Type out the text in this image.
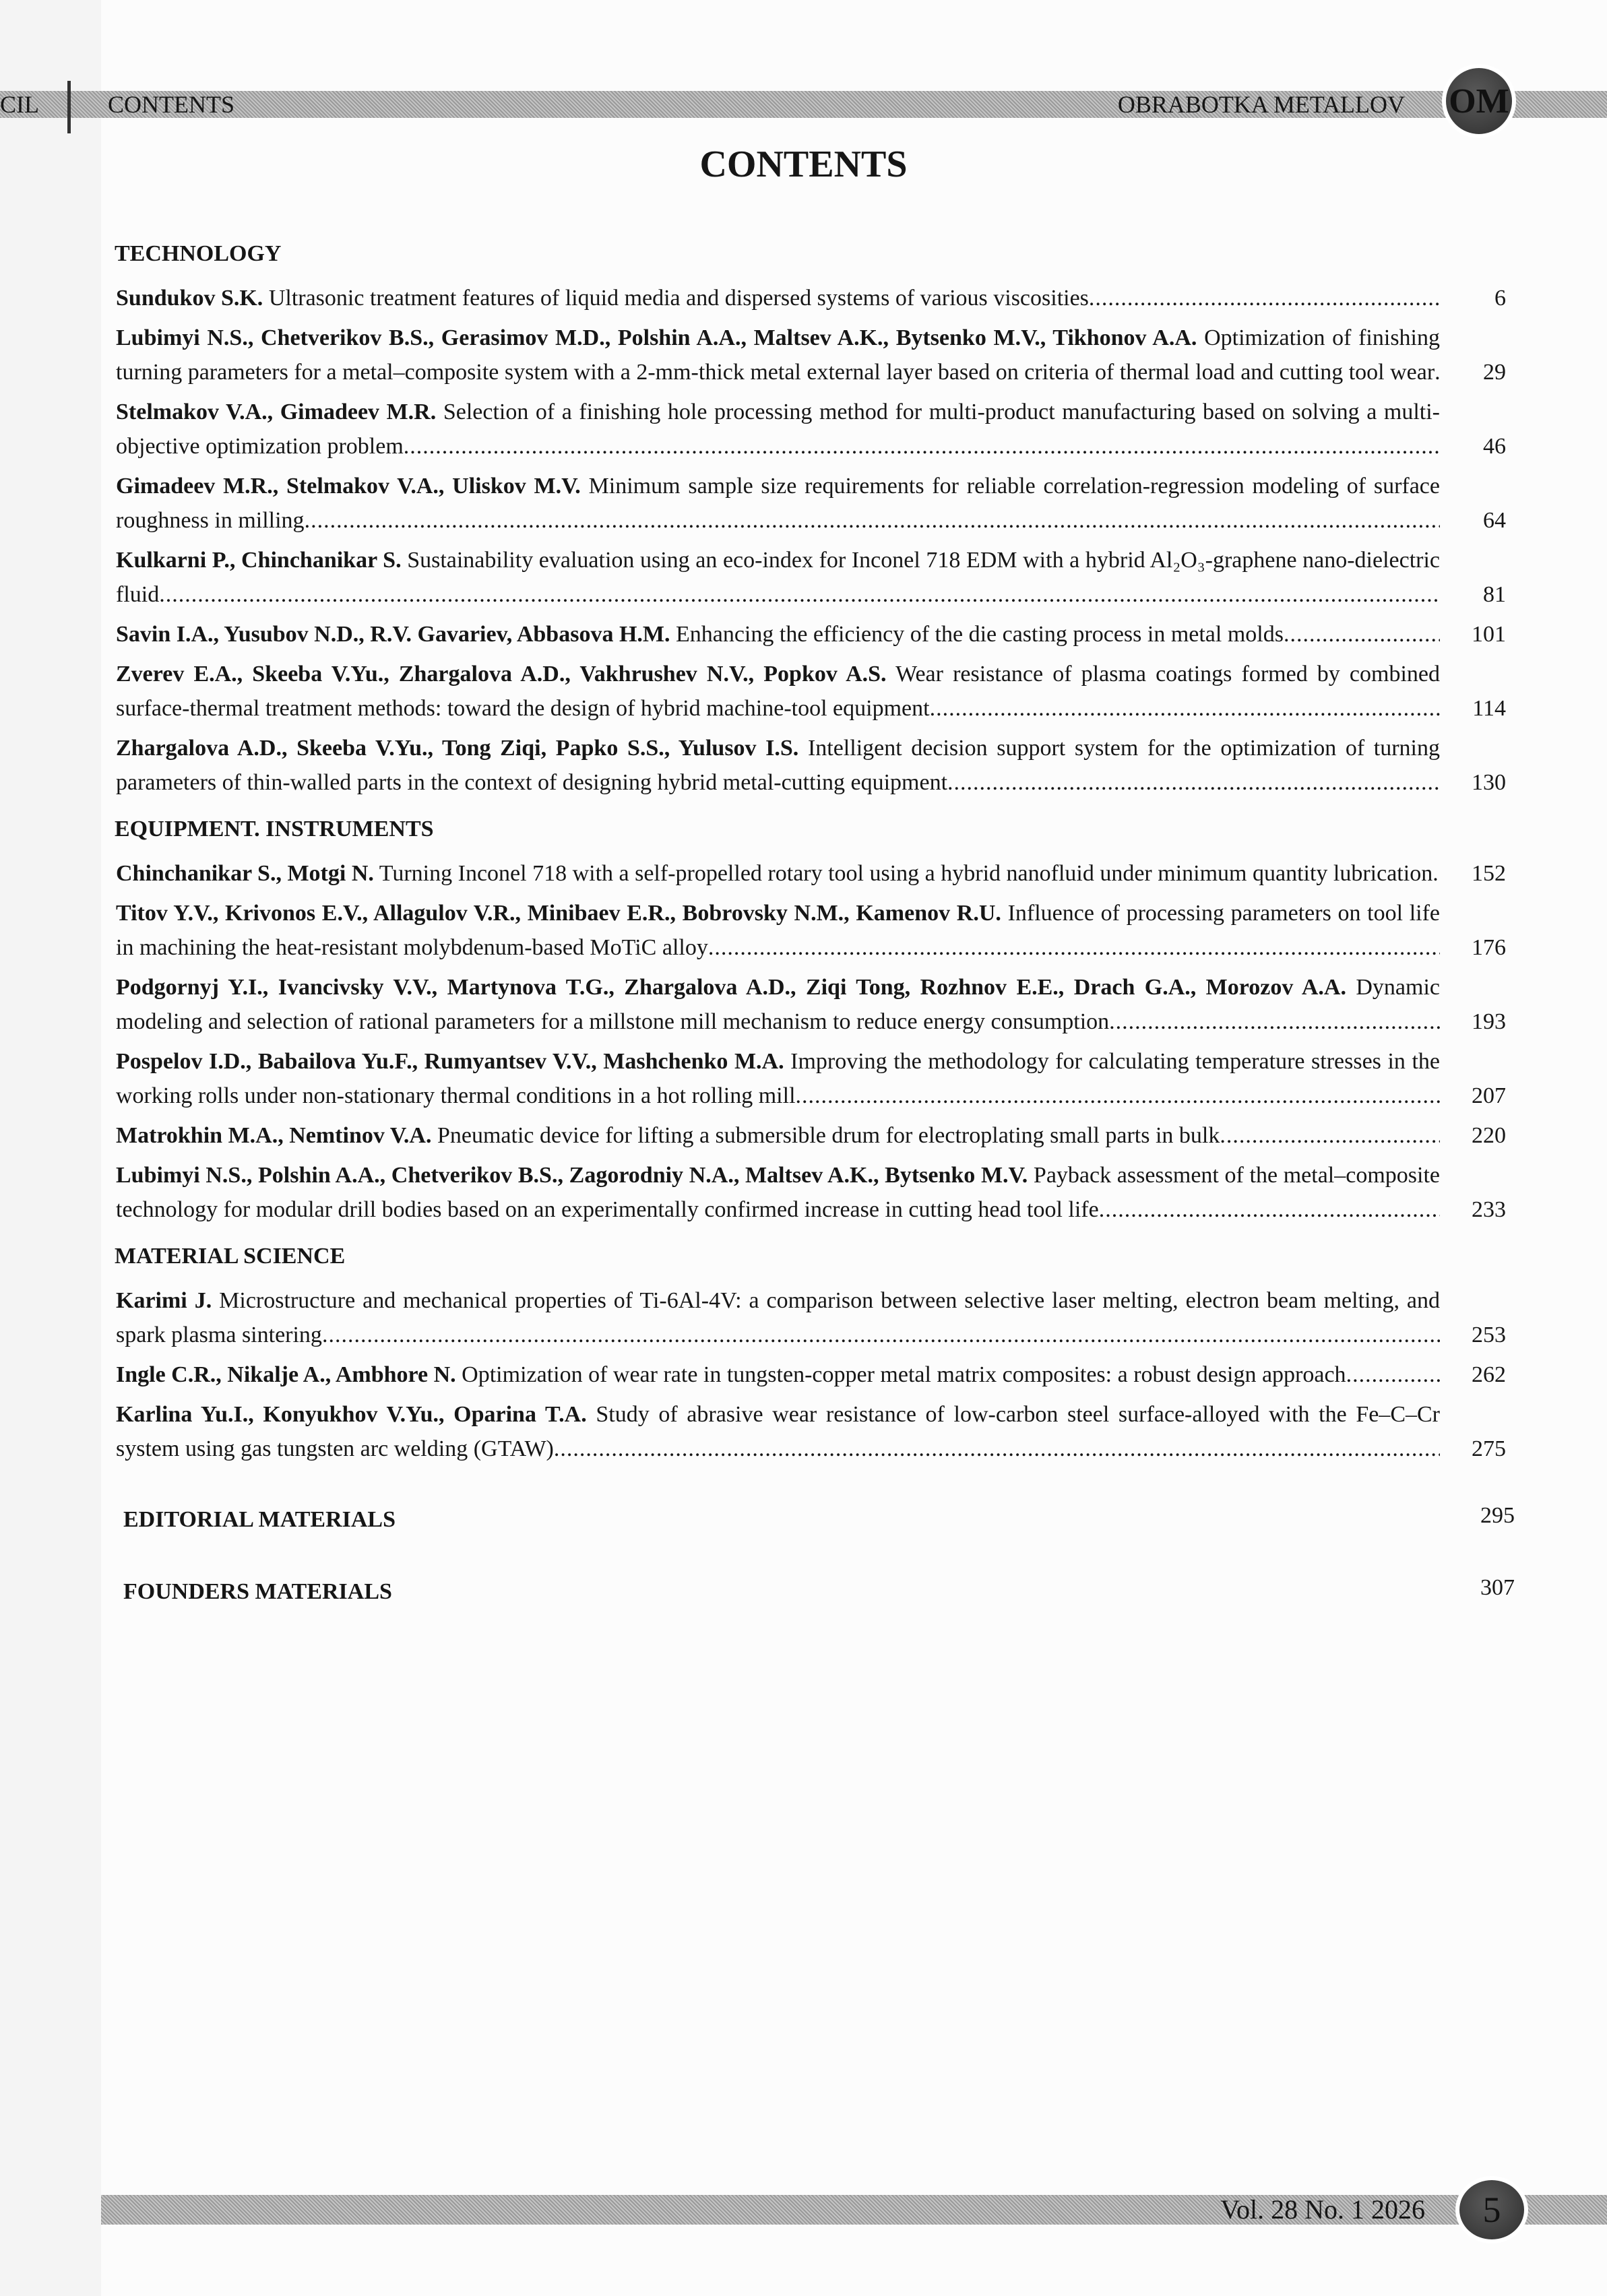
CIL	CONTENTS	OBRABOTKA METALLOV OM
CONTENTS
TECHNOLOGY
Sundukov S.K. Ultrasonic treatment features of liquid media and dispersed systems of various viscosities	6
Lubimyi N.S., Chetverikov B.S., Gerasimov M.D., Polshin A.A., Maltsev A.K., Bytsenko M.V., Tikhonov A.A. Optimization of finishing turning parameters for a metal–composite system with a 2-mm-thick metal external layer based on criteria of thermal load and cutting tool wear 29
Stelmakov V.A., Gimadeev M.R. Selection of a finishing hole processing method for multi-product manufacturing based on solving a multi-objective optimization problem	46
Gimadeev M.R., Stelmakov V.A., Uliskov M.V. Minimum sample size requirements for reliable correlation-regression modeling of surface roughness in milling	64
Kulkarni P., Chinchanikar S. Sustainability evaluation using an eco-index for Inconel 718 EDM with a hybrid Al₂O₃-graphene nano-dielectric fluid	81
Savin I.A., Yusubov N.D., R.V. Gavariev, Abbasova H.M. Enhancing the efficiency of the die casting process in metal molds	101
Zverev E.A., Skeeba V.Yu., Zhargalova A.D., Vakhrushev N.V., Popkov A.S. Wear resistance of plasma coatings formed by combined surface-thermal treatment methods: toward the design of hybrid machine-tool equipment	114
Zhargalova A.D., Skeeba V.Yu., Tong Ziqi, Papko S.S., Yulusov I.S. Intelligent decision support system for the optimization of turning parameters of thin-walled parts in the context of designing hybrid metal-cutting equipment	130
EQUIPMENT. INSTRUMENTS
Chinchanikar S., Motgi N. Turning Inconel 718 with a self-propelled rotary tool using a hybrid nanofluid under minimum quantity lubrication	152
Titov Y.V., Krivonos E.V., Allagulov V.R., Minibaev E.R., Bobrovsky N.M., Kamenov R.U. Influence of processing parameters on tool life in machining the heat-resistant molybdenum-based MoTiC alloy	176
Podgornyj Y.I., Ivancivsky V.V., Martynova T.G., Zhargalova A.D., Ziqi Tong, Rozhnov E.E., Drach G.A., Morozov A.A. Dynamic modeling and selection of rational parameters for a millstone mill mechanism to reduce energy consumption	193
Pospelov I.D., Babailova Yu.F., Rumyantsev V.V., Mashchenko M.A. Improving the methodology for calculating temperature stresses in the working rolls under non-stationary thermal conditions in a hot rolling mill	207
Matrokhin M.A., Nemtinov V.A. Pneumatic device for lifting a submersible drum for electroplating small parts in bulk	220
Lubimyi N.S., Polshin A.A., Chetverikov B.S., Zagorodniy N.A., Maltsev A.K., Bytsenko M.V. Payback assessment of the metal–composite technology for modular drill bodies based on an experimentally confirmed increase in cutting head tool life	233
MATERIAL SCIENCE
Karimi J. Microstructure and mechanical properties of Ti-6Al-4V: a comparison between selective laser melting, electron beam melting, and spark plasma sintering	253
Ingle C.R., Nikalje A., Ambhore N. Optimization of wear rate in tungsten-copper metal matrix composites: a robust design approach	262
Karlina Yu.I., Konyukhov V.Yu., Oparina T.A. Study of abrasive wear resistance of low-carbon steel surface-alloyed with the Fe–C–Cr system using gas tungsten arc welding (GTAW)	275
EDITORIAL MATERIALS	295
FOUNDERS MATERIALS	307
Vol. 28 No. 1 2026 5
